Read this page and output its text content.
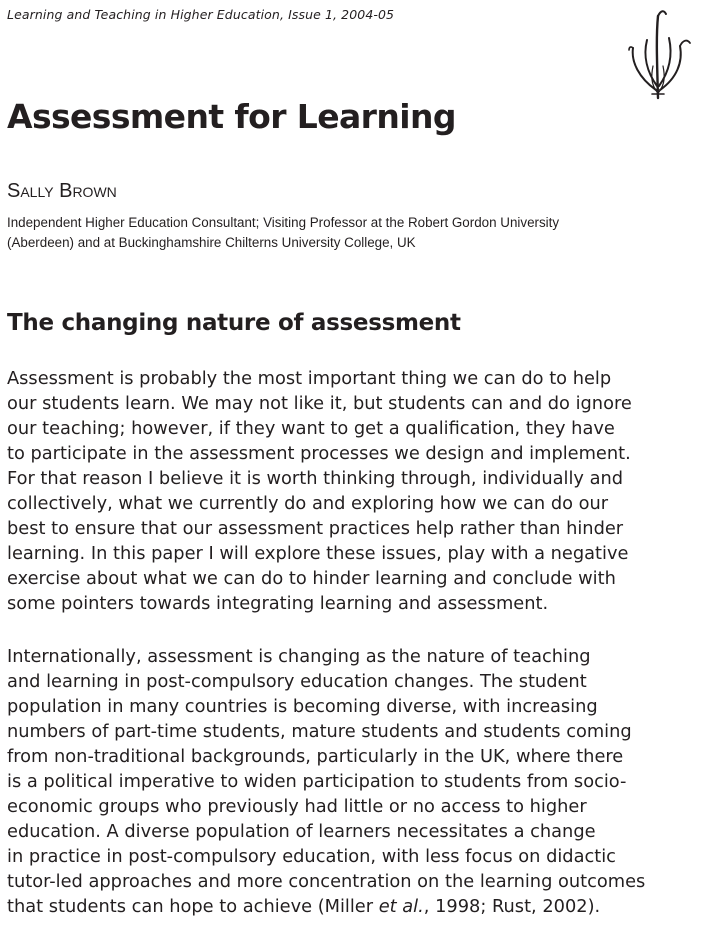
Learning and Teaching in Higher Education, Issue 1, 2004-05
Assessment for Learning
Sally Brown
Independent Higher Education Consultant; Visiting Professor at the Robert Gordon University
(Aberdeen) and at Buckinghamshire Chilterns University College, UK
The changing nature of assessment

Assessment is probably the most important thing we can do to help
our students learn. We may not like it, but students can and do ignore
our teaching; however, if they want to get a qualification, they have
to participate in the assessment processes we design and implement.
For that reason I believe it is worth thinking through, individually and
collectively, what we currently do and exploring how we can do our
best to ensure that our assessment practices help rather than hinder
learning. In this paper I will explore these issues, play with a negative
exercise about what we can do to hinder learning and conclude with
some pointers towards integrating learning and assessment.

Internationally, assessment is changing as the nature of teaching
and learning in post-compulsory education changes. The student
population in many countries is becoming diverse, with increasing
numbers of part-time students, mature students and students coming
from non-traditional backgrounds, particularly in the UK, where there
is a political imperative to widen participation to students from socio-
economic groups who previously had little or no access to higher
education. A diverse population of learners necessitates a change
in practice in post-compulsory education, with less focus on didactic
tutor-led approaches and more concentration on the learning outcomes
that students can hope to achieve (Miller et al., 1998; Rust, 2002).
